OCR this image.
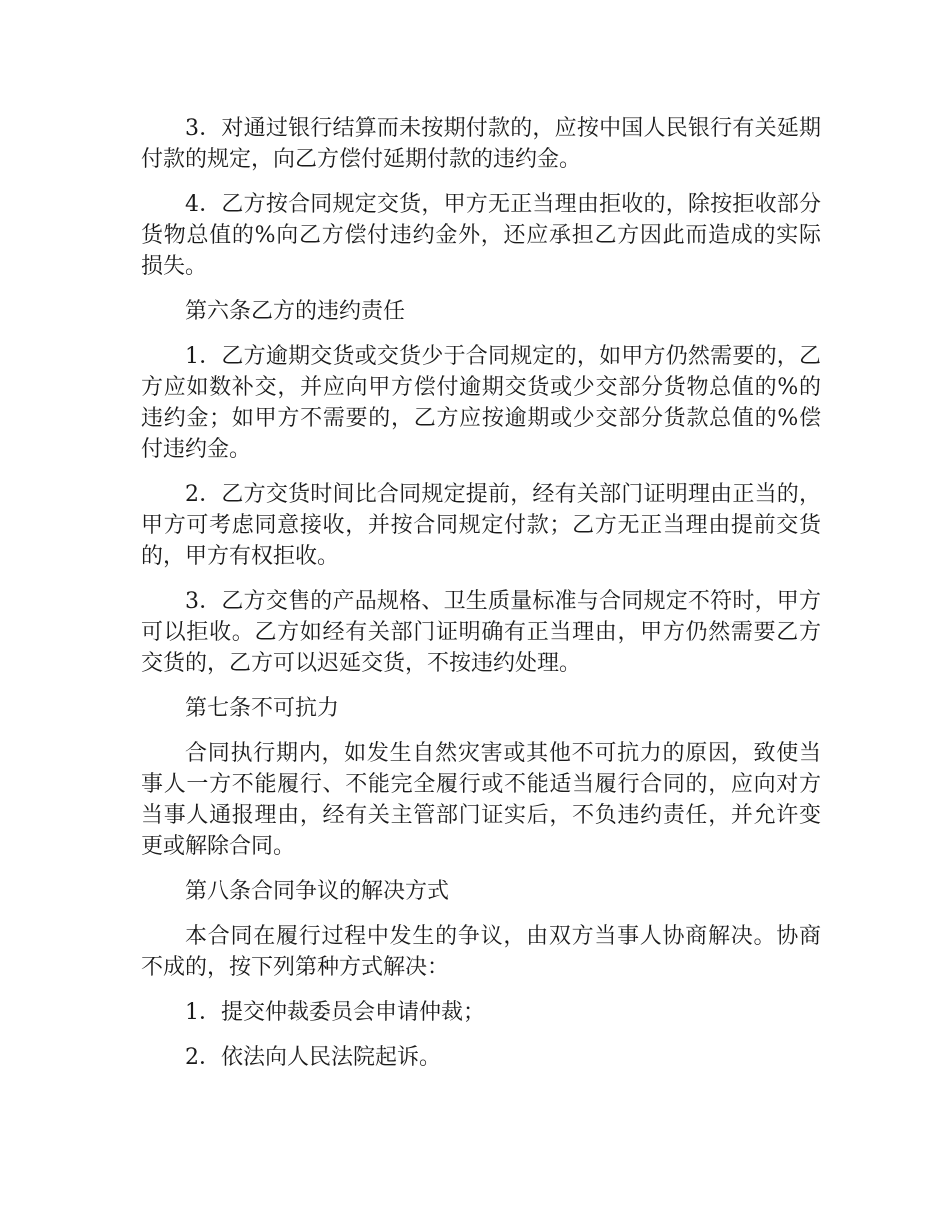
3．对通过银行结算而未按期付款的，应按中国人民银行有关延期付款的规定，向乙方偿付延期付款的违约金。

4．乙方按合同规定交货，甲方无正当理由拒收的，除按拒收部分货物总值的%向乙方偿付违约金外，还应承担乙方因此而造成的实际损失。

第六条乙方的违约责任

1．乙方逾期交货或交货少于合同规定的，如甲方仍然需要的，乙方应如数补交，并应向甲方偿付逾期交货或少交部分货物总值的%的违约金；如甲方不需要的，乙方应按逾期或少交部分货款总值的%偿付违约金。

2．乙方交货时间比合同规定提前，经有关部门证明理由正当的，甲方可考虑同意接收，并按合同规定付款；乙方无正当理由提前交货的，甲方有权拒收。

3．乙方交售的产品规格、卫生质量标准与合同规定不符时，甲方可以拒收。乙方如经有关部门证明确有正当理由，甲方仍然需要乙方交货的，乙方可以迟延交货，不按违约处理。

第七条不可抗力

合同执行期内，如发生自然灾害或其他不可抗力的原因，致使当事人一方不能履行、不能完全履行或不能适当履行合同的，应向对方当事人通报理由，经有关主管部门证实后，不负违约责任，并允许变更或解除合同。

第八条合同争议的解决方式

本合同在履行过程中发生的争议，由双方当事人协商解决。协商不成的，按下列第种方式解决：

1．提交仲裁委员会申请仲裁；

2．依法向人民法院起诉。
